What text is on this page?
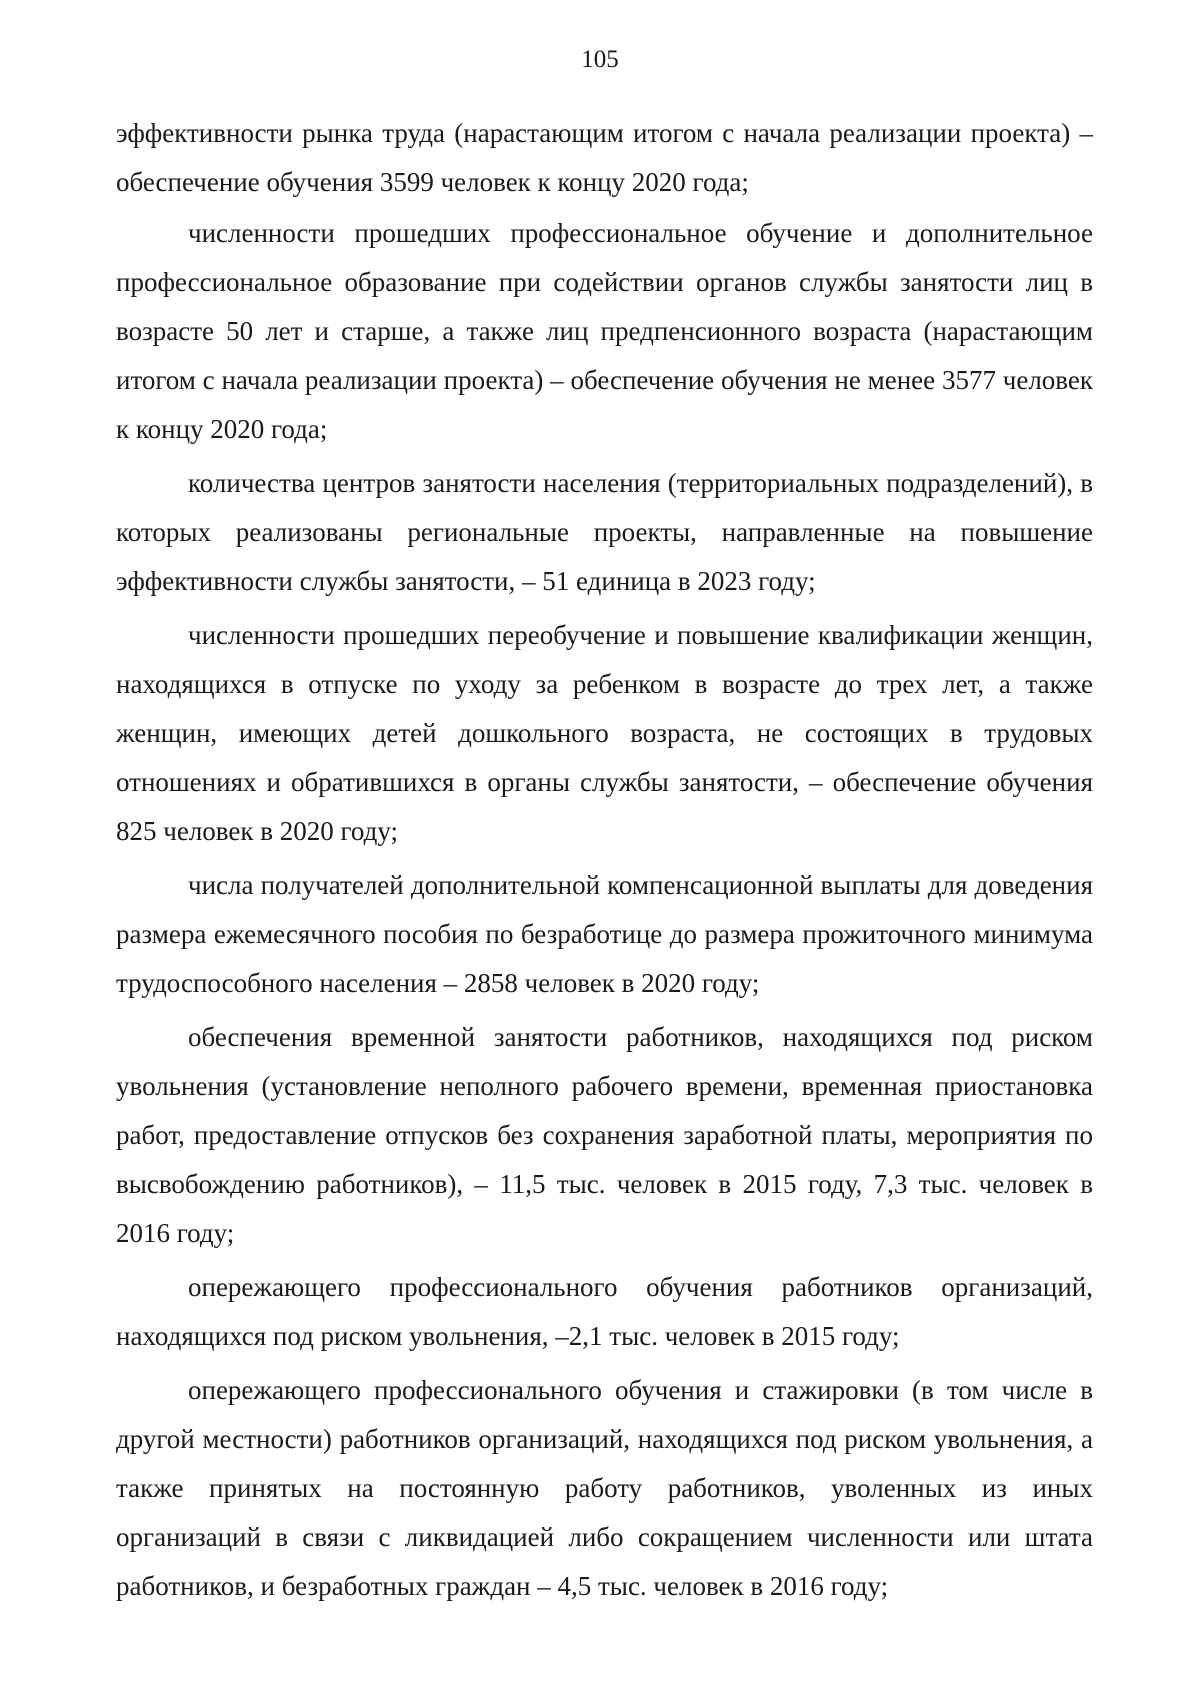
105

эффективности рынка труда (нарастающим итогом с начала реализации проекта) – обеспечение обучения 3599 человек к концу 2020 года;

численности прошедших профессиональное обучение и дополнительное профессиональное образование при содействии органов службы занятости лиц в возрасте 50 лет и старше, а также лиц предпенсионного возраста (нарастающим итогом с начала реализации проекта) – обеспечение обучения не менее 3577 человек к концу 2020 года;

количества центров занятости населения (территориальных подразделений), в которых реализованы региональные проекты, направленные на повышение эффективности службы занятости, – 51 единица в 2023 году;

численности прошедших переобучение и повышение квалификации женщин, находящихся в отпуске по уходу за ребенком в возрасте до трех лет, а также женщин, имеющих детей дошкольного возраста, не состоящих в трудовых отношениях и обратившихся в органы службы занятости, – обеспечение обучения 825 человек в 2020 году;

числа получателей дополнительной компенсационной выплаты для доведения размера ежемесячного пособия по безработице до размера прожиточного минимума трудоспособного населения – 2858 человек в 2020 году;

обеспечения временной занятости работников, находящихся под риском увольнения (установление неполного рабочего времени, временная приостановка работ, предоставление отпусков без сохранения заработной платы, мероприятия по высвобождению работников), – 11,5 тыс. человек в 2015 году, 7,3 тыс. человек в 2016 году;

опережающего профессионального обучения работников организаций, находящихся под риском увольнения, –2,1 тыс. человек в 2015 году;

опережающего профессионального обучения и стажировки (в том числе в другой местности) работников организаций, находящихся под риском увольнения, а также принятых на постоянную работу работников, уволенных из иных организаций в связи с ликвидацией либо сокращением численности или штата работников, и безработных граждан – 4,5 тыс. человек в 2016 году;
